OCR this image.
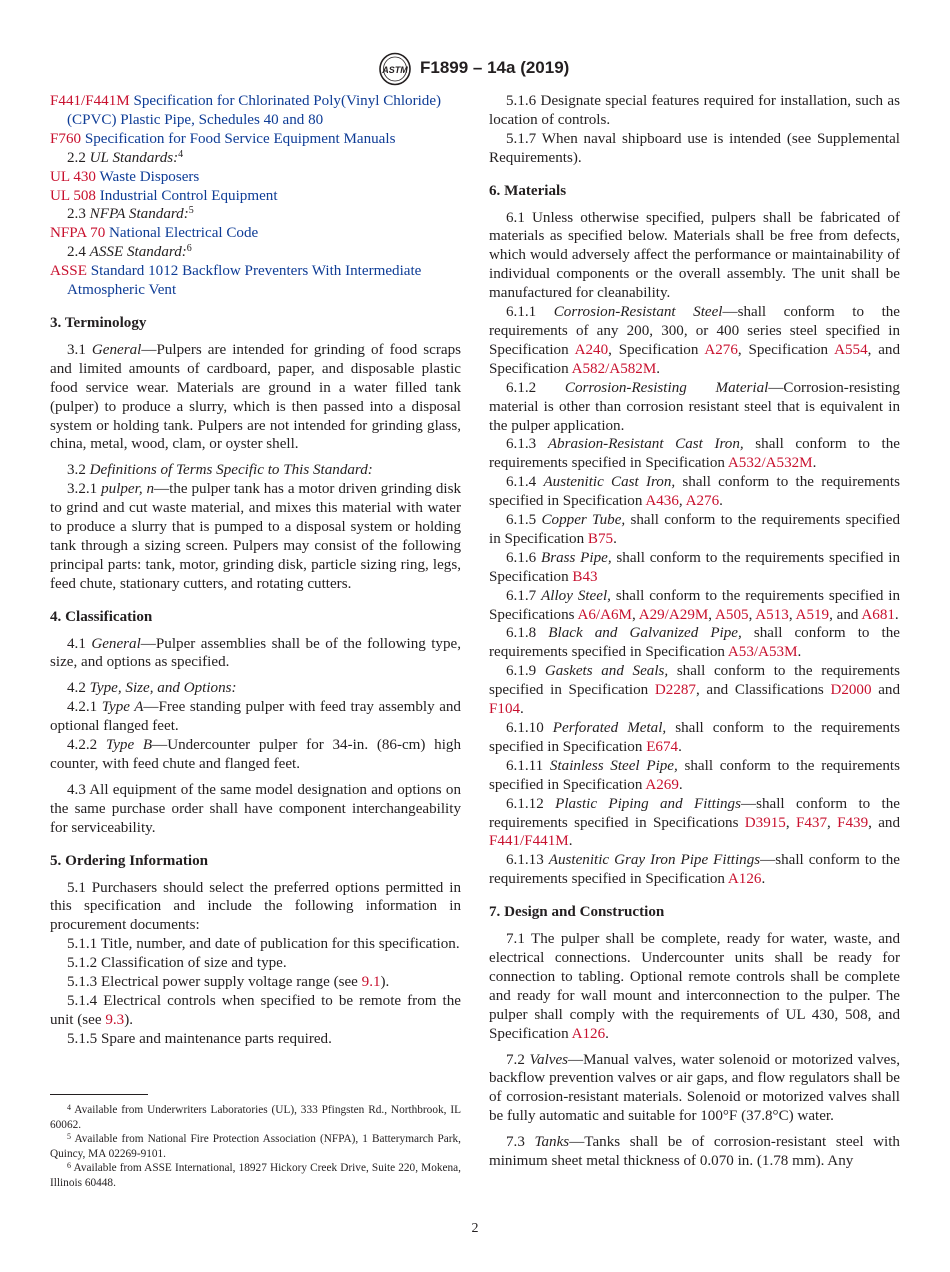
ASTM F1899 – 14a (2019)

F441/F441M Specification for Chlorinated Poly(Vinyl Chloride) (CPVC) Plastic Pipe, Schedules 40 and 80

F760 Specification for Food Service Equipment Manuals

2.2 UL Standards:$^4$

UL 430 Waste Disposers

UL 508 Industrial Control Equipment

2.3 NFPA Standard:$^5$

NFPA 70 National Electrical Code

2.4 ASSE Standard:$^6$

ASSE Standard 1012 Backflow Preventers With Intermediate Atmospheric Vent

3. Terminology

3.1 General—Pulpers are intended for grinding of food scraps and limited amounts of cardboard, paper, and disposable plastic food service wear. Materials are ground in a water filled tank (pulper) to produce a slurry, which is then passed into a disposal system or holding tank. Pulpers are not intended for grinding glass, china, metal, wood, clam, or oyster shell.

3.2 Definitions of Terms Specific to This Standard:

3.2.1 pulper, n—the pulper tank has a motor driven grinding disk to grind and cut waste material, and mixes this material with water to produce a slurry that is pumped to a disposal system or holding tank through a sizing screen. Pulpers may consist of the following principal parts: tank, motor, grinding disk, particle sizing ring, legs, feed chute, stationary cutters, and rotating cutters.

4. Classification

4.1 General—Pulper assemblies shall be of the following type, size, and options as specified.

4.2 Type, Size, and Options:

4.2.1 Type A—Free standing pulper with feed tray assembly and optional flanged feet.

4.2.2 Type B—Undercounter pulper for 34-in. (86-cm) high counter, with feed chute and flanged feet.

4.3 All equipment of the same model designation and options on the same purchase order shall have component interchangeability for serviceability.

5. Ordering Information

5.1 Purchasers should select the preferred options permitted in this specification and include the following information in procurement documents:

5.1.1 Title, number, and date of publication for this specification.

5.1.2 Classification of size and type.

5.1.3 Electrical power supply voltage range (see 9.1).

5.1.4 Electrical controls when specified to be remote from the unit (see 9.3).

5.1.5 Spare and maintenance parts required.

$^4$ Available from Underwriters Laboratories (UL), 333 Pfingsten Rd., Northbrook, IL 60062.

$^5$ Available from National Fire Protection Association (NFPA), 1 Batterymarch Park, Quincy, MA 02269-9101.

$^6$ Available from ASSE International, 18927 Hickory Creek Drive, Suite 220, Mokena, Illinois 60448.

5.1.6 Designate special features required for installation, such as location of controls.

5.1.7 When naval shipboard use is intended (see Supplemental Requirements).

6. Materials

6.1 Unless otherwise specified, pulpers shall be fabricated of materials as specified below. Materials shall be free from defects, which would adversely affect the performance or maintainability of individual components or the overall assembly. The unit shall be manufactured for cleanability.

6.1.1 Corrosion-Resistant Steel—shall conform to the requirements of any 200, 300, or 400 series steel specified in Specification A240, Specification A276, Specification A554, and Specification A582/A582M.

6.1.2 Corrosion-Resisting Material—Corrosion-resisting material is other than corrosion resistant steel that is equivalent in the pulper application.

6.1.3 Abrasion-Resistant Cast Iron, shall conform to the requirements specified in Specification A532/A532M.

6.1.4 Austenitic Cast Iron, shall conform to the requirements specified in Specification A436, A276.

6.1.5 Copper Tube, shall conform to the requirements specified in Specification B75.

6.1.6 Brass Pipe, shall conform to the requirements specified in Specification B43

6.1.7 Alloy Steel, shall conform to the requirements specified in Specifications A6/A6M, A29/A29M, A505, A513, A519, and A681.

6.1.8 Black and Galvanized Pipe, shall conform to the requirements specified in Specification A53/A53M.

6.1.9 Gaskets and Seals, shall conform to the requirements specified in Specification D2287, and Classifications D2000 and F104.

6.1.10 Perforated Metal, shall conform to the requirements specified in Specification E674.

6.1.11 Stainless Steel Pipe, shall conform to the requirements specified in Specification A269.

6.1.12 Plastic Piping and Fittings—shall conform to the requirements specified in Specifications D3915, F437, F439, and F441/F441M.

6.1.13 Austenitic Gray Iron Pipe Fittings—shall conform to the requirements specified in Specification A126.

7. Design and Construction

7.1 The pulper shall be complete, ready for water, waste, and electrical connections. Undercounter units shall be ready for connection to tabling. Optional remote controls shall be complete and ready for wall mount and interconnection to the pulper. The pulper shall comply with the requirements of UL 430, 508, and Specification A126.

7.2 Valves—Manual valves, water solenoid or motorized valves, backflow prevention valves or air gaps, and flow regulators shall be of corrosion-resistant materials. Solenoid or motorized valves shall be fully automatic and suitable for 100°F (37.8°C) water.

7.3 Tanks—Tanks shall be of corrosion-resistant steel with minimum sheet metal thickness of 0.070 in. (1.78 mm). Any

2
